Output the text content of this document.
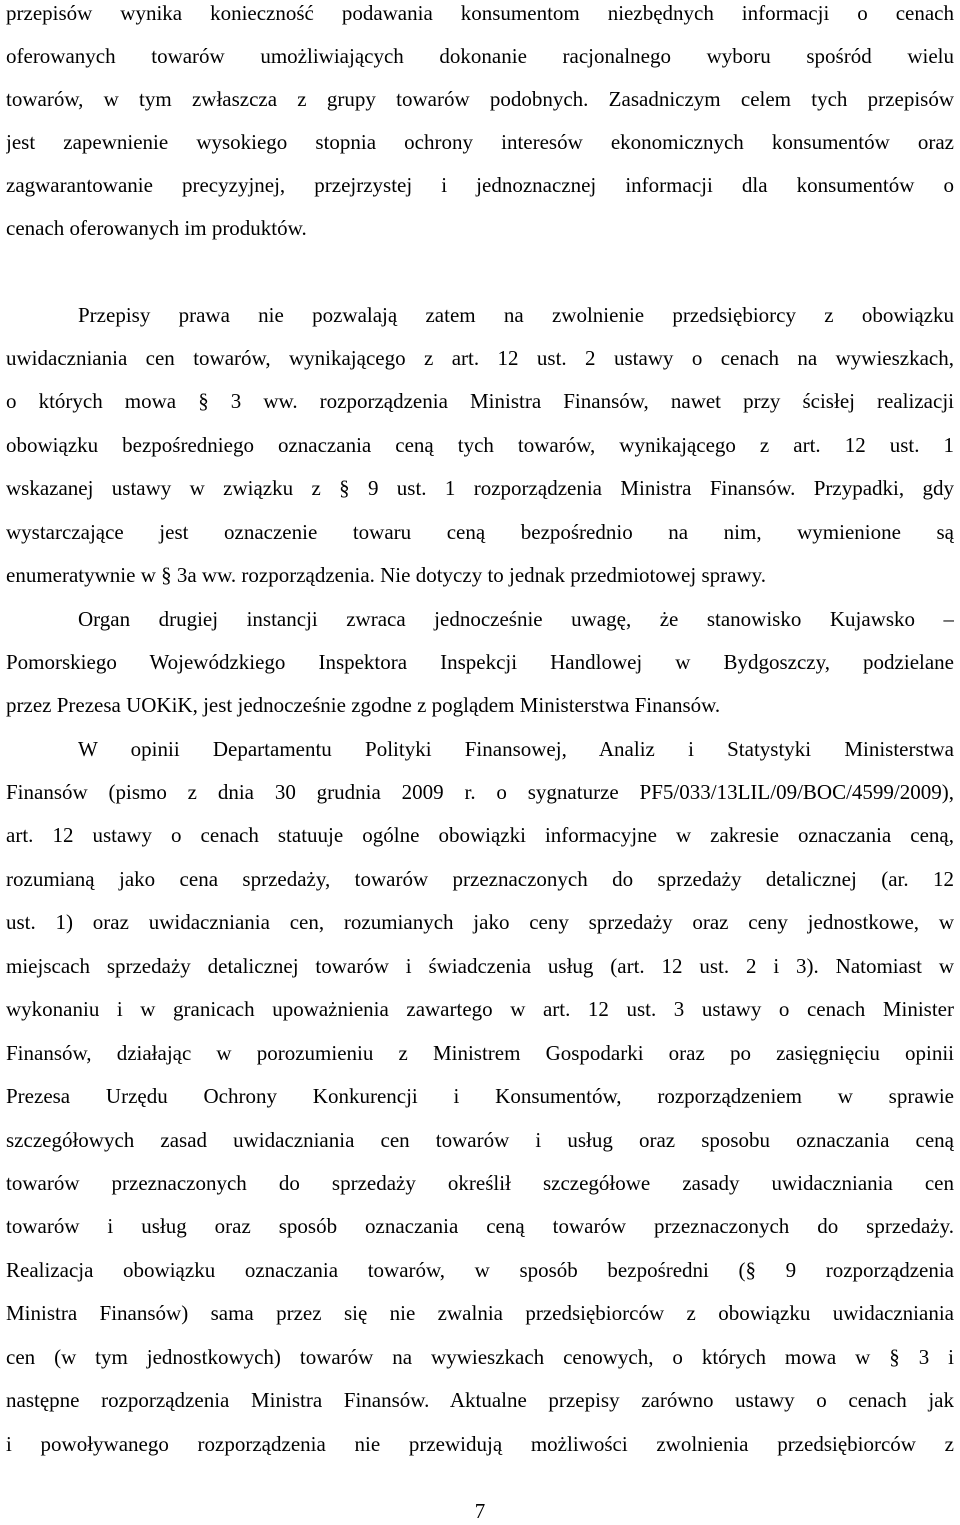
przepisów wynika konieczność podawania konsumentom niezbędnych informacji o cenach
oferowanych towarów umożliwiających dokonanie racjonalnego wyboru spośród wielu
towarów, w tym zwłaszcza z grupy towarów podobnych. Zasadniczym celem tych przepisów
jest zapewnienie wysokiego stopnia ochrony interesów ekonomicznych konsumentów oraz
zagwarantowanie precyzyjnej, przejrzystej i jednoznacznej informacji dla konsumentów o
cenach oferowanych im produktów.
Przepisy prawa nie pozwalają zatem na zwolnienie przedsiębiorcy z obowiązku
uwidaczniania cen towarów, wynikającego z art. 12 ust. 2 ustawy o cenach na wywieszkach,
o których mowa § 3 ww. rozporządzenia Ministra Finansów, nawet przy ścisłej realizacji
obowiązku bezpośredniego oznaczania ceną tych towarów, wynikającego z art. 12 ust. 1
wskazanej ustawy w związku z § 9 ust. 1 rozporządzenia Ministra Finansów. Przypadki, gdy
wystarczające jest oznaczenie towaru ceną bezpośrednio na nim, wymienione są
enumeratywnie w § 3a ww. rozporządzenia. Nie dotyczy to jednak przedmiotowej sprawy.
Organ drugiej instancji zwraca jednocześnie uwagę, że stanowisko Kujawsko –
Pomorskiego Wojewódzkiego Inspektora Inspekcji Handlowej w Bydgoszczy, podzielane
przez Prezesa UOKiK, jest jednocześnie zgodne z poglądem Ministerstwa Finansów.
W opinii Departamentu Polityki Finansowej, Analiz i Statystyki Ministerstwa
Finansów (pismo z dnia 30 grudnia 2009 r. o sygnaturze PF5/033/13LIL/09/BOC/4599/2009),
art. 12 ustawy o cenach statuuje ogólne obowiązki informacyjne w zakresie oznaczania ceną,
rozumianą jako cena sprzedaży, towarów przeznaczonych do sprzedaży detalicznej (ar. 12
ust. 1) oraz uwidaczniania cen, rozumianych jako ceny sprzedaży oraz ceny jednostkowe, w
miejscach sprzedaży detalicznej towarów i świadczenia usług (art. 12 ust. 2 i 3). Natomiast w
wykonaniu i w granicach upoważnienia zawartego w art. 12 ust. 3 ustawy o cenach Minister
Finansów, działając w porozumieniu z Ministrem Gospodarki oraz po zasięgnięciu opinii
Prezesa Urzędu Ochrony Konkurencji i Konsumentów, rozporządzeniem w sprawie
szczegółowych zasad uwidaczniania cen towarów i usług oraz sposobu oznaczania ceną
towarów przeznaczonych do sprzedaży określił szczegółowe zasady uwidaczniania cen
towarów i usług oraz sposób oznaczania ceną towarów przeznaczonych do sprzedaży.
Realizacja obowiązku oznaczania towarów, w sposób bezpośredni (§ 9 rozporządzenia
Ministra Finansów) sama przez się nie zwalnia przedsiębiorców z obowiązku uwidaczniania
cen (w tym jednostkowych) towarów na wywieszkach cenowych, o których mowa w § 3 i
następne rozporządzenia Ministra Finansów. Aktualne przepisy zarówno ustawy o cenach jak
i powoływanego rozporządzenia nie przewidują możliwości zwolnienia przedsiębiorców z
7
